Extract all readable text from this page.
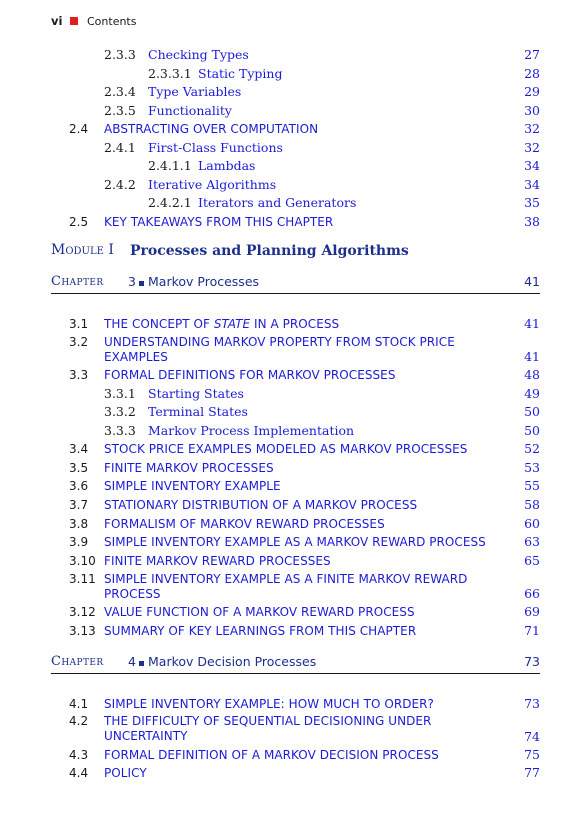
vi Contents
2.3.3 Checking Types	27
2.3.3.1 Static Typing	28
2.3.4 Type Variables	29
2.3.5 Functionality	30
2.4 ABSTRACTING OVER COMPUTATION	32
2.4.1 First-Class Functions	32
2.4.1.1 Lambdas	34
2.4.2 Iterative Algorithms	34
2.4.2.1 Iterators and Generators	35
2.5 KEY TAKEAWAYS FROM THIS CHAPTER	38
Module I Processes and Planning Algorithms
Chapter 3 Markov Processes	41
3.1 THE CONCEPT OF STATE IN A PROCESS	41
3.2 UNDERSTANDING MARKOV PROPERTY FROM STOCK PRICE
EXAMPLES	41
3.3 FORMAL DEFINITIONS FOR MARKOV PROCESSES	48
3.3.1 Starting States	49
3.3.2 Terminal States	50
3.3.3 Markov Process Implementation	50
3.4 STOCK PRICE EXAMPLES MODELED AS MARKOV PROCESSES	52
3.5 FINITE MARKOV PROCESSES	53
3.6 SIMPLE INVENTORY EXAMPLE	55
3.7 STATIONARY DISTRIBUTION OF A MARKOV PROCESS	58
3.8 FORMALISM OF MARKOV REWARD PROCESSES	60
3.9 SIMPLE INVENTORY EXAMPLE AS A MARKOV REWARD PROCESS	63
3.10 FINITE MARKOV REWARD PROCESSES	65
3.11 SIMPLE INVENTORY EXAMPLE AS A FINITE MARKOV REWARD
PROCESS	66
3.12 VALUE FUNCTION OF A MARKOV REWARD PROCESS	69
3.13 SUMMARY OF KEY LEARNINGS FROM THIS CHAPTER	71
Chapter 4 Markov Decision Processes	73
4.1 SIMPLE INVENTORY EXAMPLE: HOW MUCH TO ORDER?	73
4.2 THE DIFFICULTY OF SEQUENTIAL DECISIONING UNDER
UNCERTAINTY	74
4.3 FORMAL DEFINITION OF A MARKOV DECISION PROCESS	75
4.4 POLICY	77
